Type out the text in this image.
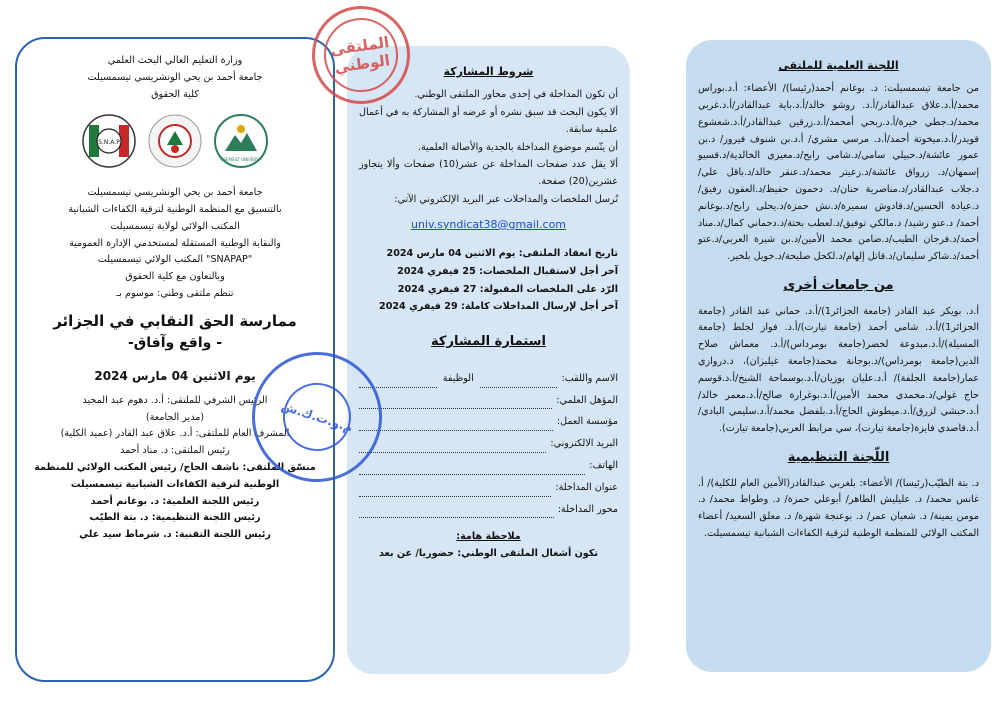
اللجنة العلمية للملتقى

من جامعة تيسمسيلت: د. بوغانم أحمد(رئيسا)/ الأعضاء: أ.د.بوراس محمد/أ.د.علاق عبدالقادر/أ.د. روشو خالد/أ.د.باية عبدالقادر/أ.د.غربي محمد/د.جطي خيرة/أ.د.ربحي أمحمد/أ.د.زرقين عبدالقادر/أ.د.شعشوع قويدر/أ.د.ميخوتة أحمد/أ.د. مرسي مشري/ أ.د.بن شنوف فيروز/ د.بن عمور عائشة/د.حبيلي سامي/د.شامي رابح/د.معيزي الخالدية/د.قسيو إسمهان/د. زرواق عائشة/د.زعيتر محمد/د.عنقر خالد/د.باقل علي/د.جلاب عبدالقادر/د.مناصرية حنان/د. دحمون حفيظ/د.العقون رفيق/د.عيادة الحسين/د.قادوش سميرة/د.نش حمزة/د.يحلى رابح/د.بوغانم أحمد/ د.عتو رشيد/ د.مالكي توفيق/د.لعطب بختة/د.دحماني كمال/د.مناد أحمد/د.فرجان الطيب/د.ضامن محمد الأمين/د.بن شيرة العربي/د.عتو أحمد/د.شاكر سليمان/د.قاتل إلهام/د.لكحل صليحة/د.خويل بلخير.

من جامعات أخرى

أ.د. بويكر عبد القادر (جامعة الجزائر1)/أ.د. حماني عبد القادر (جامعة الجزائر1)/أ.د. شامي أحمد (جامعة تيارت)/أ.د. فواز لجلط (جامعة المسيلة)/أ.د.مبدوعة لخضر(جامعة بومرداس)/أ.د. معماش صلاح الدين(جامعة بومرداس)/د.بوجانة محمد(جامعة غيليزان)، د.دروازي عمار(جامعة الجلفة)/ أ.د.عليان بوزيان/أ.د.بوسماحة الشيخ/أ.د.قوسم حاج غولي/د.محمدي محمد الأمين/أ.د.بوغرارة صالح/أ.د.معمر خالد/أ.د.حبشي لزرق/أ.د.ميطوش الحاج/أ.د.بلفضل محمد/أ.د.سليمي البادي/أ.د.قاصدي فايزة(جامعة تيارت)، سي مرابط العربي(جامعة تيارت).

اللّجنة التنظيمية

د. بتة الطيّب(رئيسا)/ الأعضاء: بلغربي عبدالقادر(الأمين العام للكلية)/ أ. غانس محمد/ د. عليليش الطاهر/ أبوعلي حمزة/ د. وطواط محمد/ د. مومن يمينة/ د. شعبان عمر/ د. بوعنجة شهرة/ د. معلق السعيد/ أعضاء المكتب الولائي للمنظمة الوطنية لترقية الكفاءات الشبانية تيسمسيلت.

شروط المشاركة

أن تكون المداخلة في إحدى محاور الملتقى الوطني.

ألا يكون البحث قد سبق نشره أو عرضه أو المشاركة به في أعمال علمية سابقة.

أن يتّسم موضوع المداخلة بالجدية والأصالة العلمية.

ألا يقل عدد صفحات المداخلة عن عشر(10) صفحات وألا يتجاوز عشرين(20) صفحة.

تُرسل الملخصات والمداخلات عبر البريد الإلكتروني الآتي:

univ.syndicat38@gmail.com

تاريخ انعقاد الملتقى: يوم الاثنين 04 مارس 2024

آخر أجل لاستقبال الملخصات: 25 فيفري 2024

الرّد على الملخصات المقبولة: 27 فيفري 2024

آخر أجل لإرسال المداخلات كاملة: 29 فيفري 2024

استمارة المشاركة
الاسم واللقب:
الوظيفة
المؤهل العلمي:
مؤسسة العمل:
البريد الالكتروني:
الهاتف:
عنوان المداخلة:
محور المداخلة:
ملاحظة هامة:
تكون أشغال الملتقى الوطني: حضوريا/ عن بعد
وزارة التعليم العالي البحث العلمي
جامعة أحمد بن يحي الونشريسي تيسمسيلت
كلية الحقوق
S.N.A.P
TISSEMSILT UNIVERSITY
جامعة أحمد بن يحي الونشريسي تيسمسيلت
بالتنسيق مع المنظمة الوطنية لترقية الكفاءات الشبانية
المكتب الولائي لولاية تيسمسيلت
والنقابة الوطنية المستقلة لمستخدمي الإدارة العمومية
"SNAPAP" المكتب الولائي تيسمسيلت
وبالتعاون مع كلية الحقوق
تنظم ملتقى وطني: موسوم بـ
ممارسة الحق النقابي في الجزائر
- واقع وآفاق-
يوم الاثنين 04 مارس 2024
الرئيس الشرفي للملتقى: أ.د. دهوم عبد المجيد
(مدير الجامعة)
المشرف العام للملتقى: أ.د. علاق عبد القادر (عميد الكلية)
رئيس الملتقى: د. مناد أحمد
منسّق الملتقى: ناشف الحاج/ رئيس المكتب الولائي للمنظمة
الوطنية لترقية الكفاءات الشبانية تيسمسيلت
رئيس اللجنة العلمية: د. بوغانم أحمد
رئيس اللجنة التنظيمية: د. بتة الطيّب
رئيس اللجنة التقنية: د. شرماط سيد علي
الملتقى الوطني
م.و.ت.ك.ش
